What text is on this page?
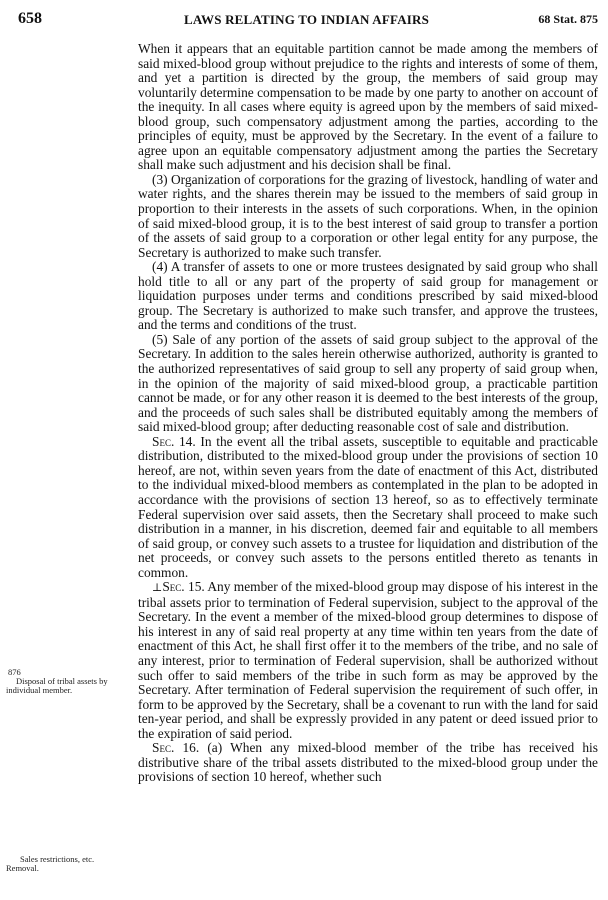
658	LAWS RELATING TO INDIAN AFFAIRS	68 Stat. 875
876
Disposal of tribal assets by individual member.
Sales restrictions, etc. Removal.

When it appears that an equitable partition cannot be made among the members of said mixed-blood group without prejudice to the rights and interests of some of them, and yet a partition is directed by the group, the members of said group may voluntarily determine compensation to be made by one party to another on account of the inequity. In all cases where equity is agreed upon by the members of said mixed-blood group, such compensatory adjustment among the parties, according to the principles of equity, must be approved by the Secretary. In the event of a failure to agree upon an equitable compensatory adjustment among the parties the Secretary shall make such adjustment and his decision shall be final.

(3) Organization of corporations for the grazing of livestock, handling of water and water rights, and the shares therein may be issued to the members of said group in proportion to their interests in the assets of such corporations. When, in the opinion of said mixed-blood group, it is to the best interest of said group to transfer a portion of the assets of said group to a corporation or other legal entity for any purpose, the Secretary is authorized to make such transfer.

(4) A transfer of assets to one or more trustees designated by said group who shall hold title to all or any part of the property of said group for management or liquidation purposes under terms and conditions prescribed by said mixed-blood group. The Secretary is authorized to make such transfer, and approve the trustees, and the terms and conditions of the trust.

(5) Sale of any portion of the assets of said group subject to the approval of the Secretary. In addition to the sales herein otherwise authorized, authority is granted to the authorized representatives of said group to sell any property of said group when, in the opinion of the majority of said mixed-blood group, a practicable partition cannot be made, or for any other reason it is deemed to the best interests of the group, and the proceeds of such sales shall be distributed equitably among the members of said mixed-blood group; after deducting reasonable cost of sale and distribution.

Sec. 14. In the event all the tribal assets, susceptible to equitable and practicable distribution, distributed to the mixed-blood group under the provisions of section 10 hereof, are not, within seven years from the date of enactment of this Act, distributed to the individual mixed-blood members as contemplated in the plan to be adopted in accordance with the provisions of section 13 hereof, so as to effectively terminate Federal supervision over said assets, then the Secretary shall proceed to make such distribution in a manner, in his discretion, deemed fair and equitable to all members of said group, or convey such assets to a trustee for liquidation and distribution of the net proceeds, or convey such assets to the persons entitled thereto as tenants in common.

⊥Sec. 15. Any member of the mixed-blood group may dispose of his interest in the tribal assets prior to termination of Federal supervision, subject to the approval of the Secretary. In the event a member of the mixed-blood group determines to dispose of his interest in any of said real property at any time within ten years from the date of enactment of this Act, he shall first offer it to the members of the tribe, and no sale of any interest, prior to termination of Federal supervision, shall be authorized without such offer to said members of the tribe in such form as may be approved by the Secretary. After termination of Federal supervision the requirement of such offer, in form to be approved by the Secretary, shall be a covenant to run with the land for said ten-year period, and shall be expressly provided in any patent or deed issued prior to the expiration of said period.

Sec. 16. (a) When any mixed-blood member of the tribe has received his distributive share of the tribal assets distributed to the mixed-blood group under the provisions of section 10 hereof, whether such
